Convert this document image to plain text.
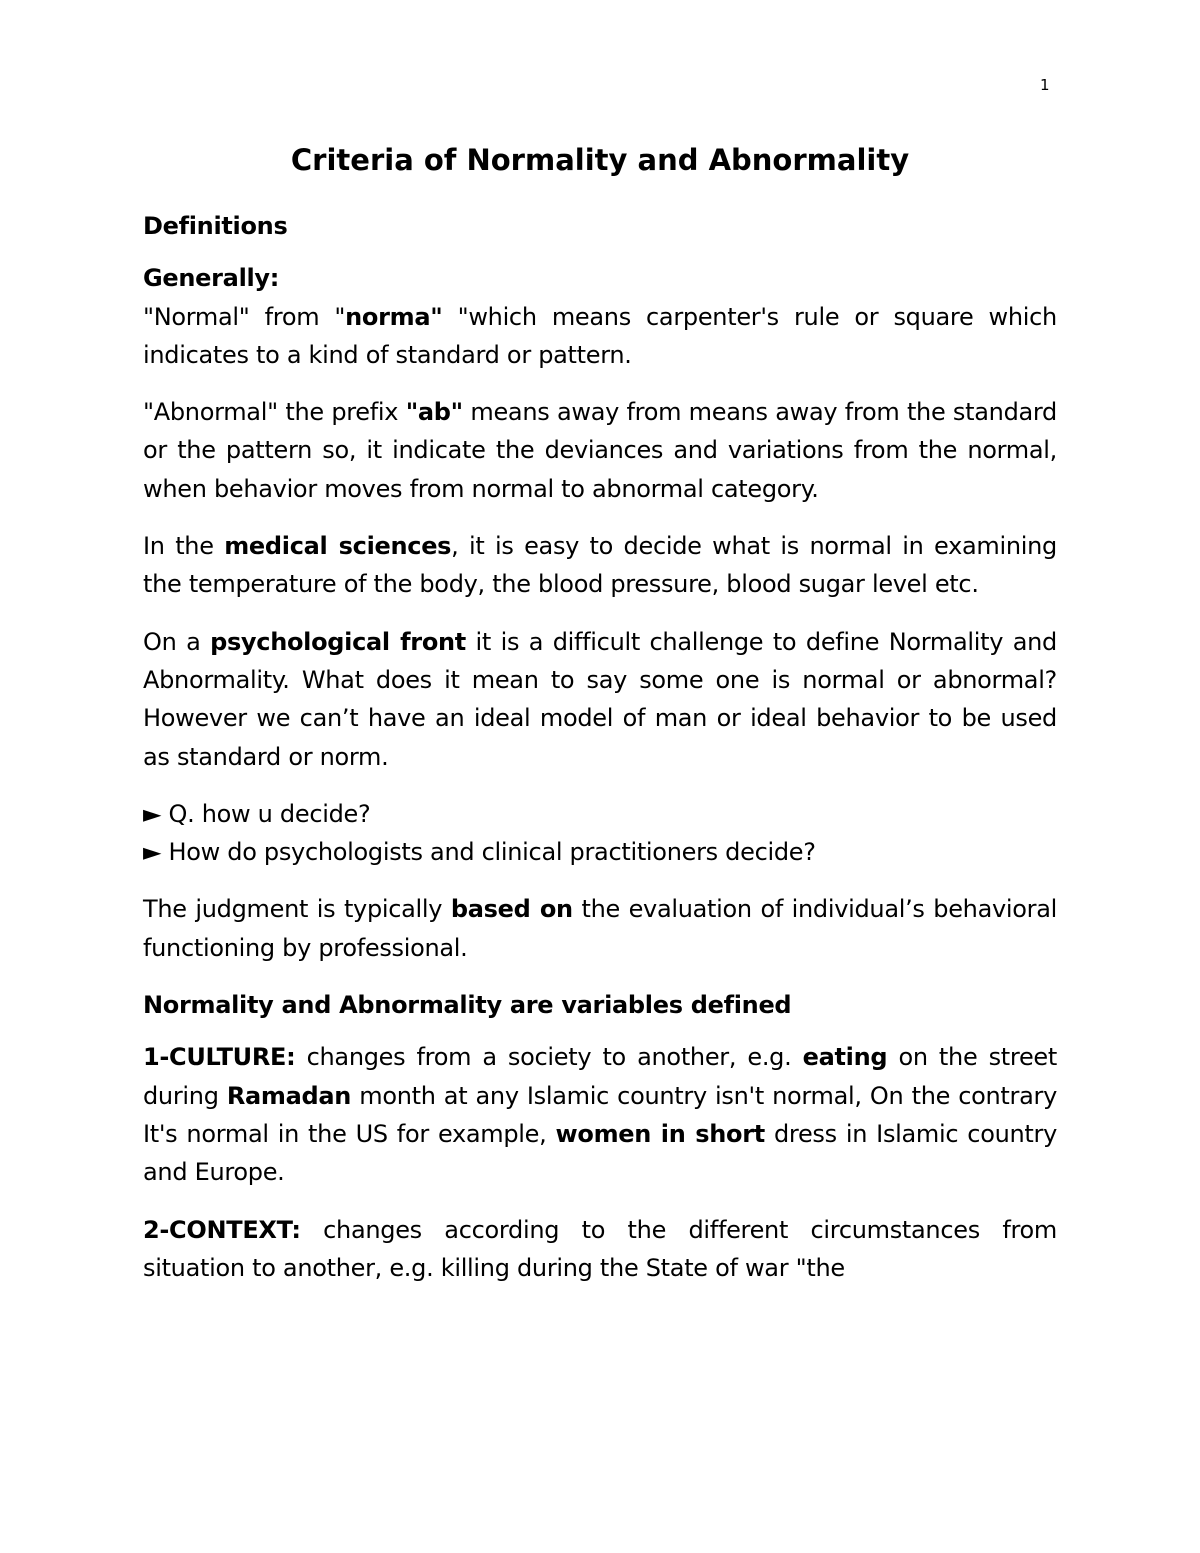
1
Criteria of Normality and Abnormality
Definitions
Generally:
"Normal" from "norma" "which means carpenter's rule or square which indicates to a kind of standard or pattern.
"Abnormal" the prefix "ab" means away from means away from the standard or the pattern so, it indicate the deviances and variations from the normal, when behavior moves from normal to abnormal category.
In the medical sciences, it is easy to decide what is normal in examining the temperature of the body, the blood pressure, blood sugar level etc.
On a psychological front it is a difficult challenge to define Normality and Abnormality. What does it mean to say some one is normal or abnormal? However we can’t have an ideal model of man or ideal behavior to be used as standard or norm.
► Q. how u decide?
► How do psychologists and clinical practitioners decide?
The judgment is typically based on the evaluation of individual’s behavioral functioning by professional.
Normality and Abnormality are variables defined
1-CULTURE: changes from a society to another, e.g. eating on the street during Ramadan month at any Islamic country isn't normal, On the contrary It's normal in the US for example, women in short dress in Islamic country and Europe.
2-CONTEXT: changes according to the different circumstances from situation to another, e.g. killing during the State of war "the
